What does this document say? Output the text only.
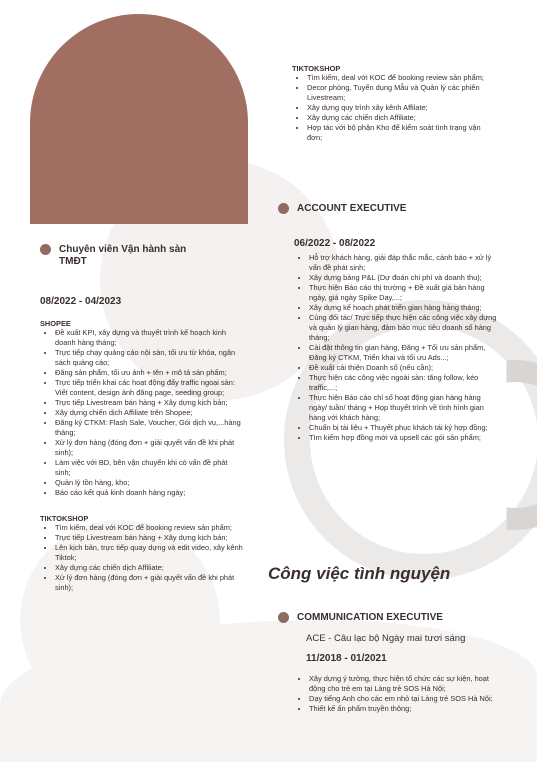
Chuyên viên Vận hành sàn TMĐT
08/2022 - 04/2023
SHOPEE
• Đề xuất KPI, xây dựng và thuyết trình kế hoạch kinh doanh hàng tháng;
• Trực tiếp chạy quảng cáo nội sàn, tối ưu từ khóa, ngân sách quảng cáo;
• Đăng sản phẩm, tối ưu ảnh + tên + mô tả sản phẩm;
• Trực tiếp triển khai các hoạt động đẩy traffic ngoại sàn: Viết content, design ảnh đăng page, seeding group;
• Trực tiếp Livestream bán hàng + Xây dựng kịch bản;
• Xây dựng chiến dịch Affiliate trên Shopee;
• Đăng ký CTKM: Flash Sale, Voucher, Gói dịch vụ,...hàng tháng;
• Xử lý đơn hàng (đóng đơn + giải quyết vấn đề khi phát sinh);
• Làm việc với BD, bên vận chuyển khi có vấn đề phát sinh;
• Quản lý tồn hàng, kho;
• Báo cáo kết quả kinh doanh hàng ngày;
TIKTOKSHOP
• Tìm kiếm, deal với KOC để booking review sản phẩm;
• Trực tiếp Livestream bán hàng + Xây dựng kịch bản;
• Lên kịch bản, trực tiếp quay dựng và edit video, xây kênh Tiktok;
• Xây dựng các chiến dịch Affiliate;
• Xử lý đơn hàng (đóng đơn + giải quyết vấn đề khi phát sinh);
TIKTOKSHOP
• Tìm kiếm, deal với KOC để booking review sản phẩm;
• Decor phòng, Tuyển dụng Mẫu và Quản lý các phiên Livestream;
• Xây dựng quy trình xây kênh Affilate;
• Xây dựng các chiến dịch Affiliate;
• Hợp tác với bộ phận Kho để kiểm soát tình trạng vận đơn;
ACCOUNT EXECUTIVE
06/2022 - 08/2022
• Hỗ trợ khách hàng, giải đáp thắc mắc, cảnh báo + xử lý vấn đề phát sinh;
• Xây dựng bảng P&L (Dự đoán chi phí và doanh thu);
• Thực hiện Báo cáo thị trường + Đề xuất giá bán hàng ngày, giá ngày Spike Day,...;
• Xây dựng kế hoạch phát triển gian hàng hàng tháng;
• Cùng đối tác/ Trực tiếp thực hiện các công việc xây dựng và quản lý gian hàng, đảm bảo mục tiêu doanh số hàng tháng;
• Cài đặt thông tin gian hàng, Đăng + Tối ưu sản phẩm, Đăng ký CTKM, Triển khai và tối ưu Ads...;
• Đề xuất cải thiện Doanh số (nếu cần);
• Thực hiện các công việc ngoài sàn: tăng follow, kéo traffic,...;
• Thực hiện Báo cáo chỉ số hoạt động gian hàng hàng ngày/ tuần/ tháng + Họp thuyết trình về tình hình gian hàng với khách hàng;
• Chuẩn bị tài liệu + Thuyết phục khách tái ký hợp đồng;
• Tìm kiếm hợp đồng mới và upsell các gói sản phẩm;
Công việc tình nguyện
COMMUNICATION EXECUTIVE
ACE - Câu lạc bộ Ngày mai tươi sáng
11/2018 - 01/2021
• Xây dựng ý tưởng, thực hiện tổ chức các sự kiện, hoạt động cho trẻ em tại Làng trẻ SOS Hà Nội;
• Dạy tiếng Anh cho các em nhỏ tại Làng trẻ SOS Hà Nội;
• Thiết kế ấn phẩm truyền thông;
